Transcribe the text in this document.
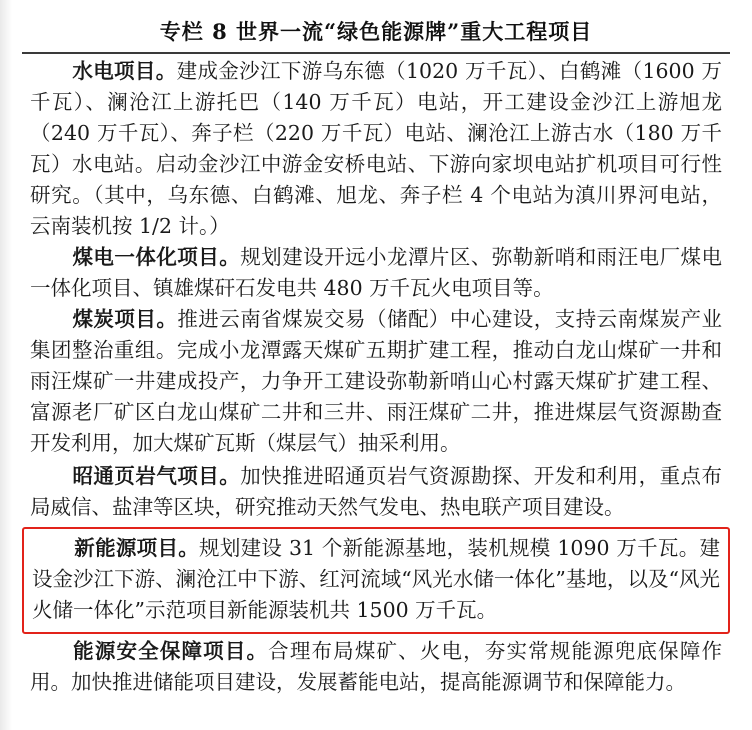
专栏 8 世界一流“绿色能源牌”重大工程项目

水电项目。建成金沙江下游乌东德（1020 万千瓦）、白鹤滩（1600 万千瓦）、澜沧江上游托巴（140 万千瓦）电站，开工建设金沙江上游旭龙（240 万千瓦）、奔子栏（220 万千瓦）电站、澜沧江上游古水（180 万千瓦）水电站。启动金沙江中游金安桥电站、下游向家坝电站扩机项目可行性研究。（其中，乌东德、白鹤滩、旭龙、奔子栏 4 个电站为滇川界河电站，云南装机按 1/2 计。）

煤电一体化项目。规划建设开远小龙潭片区、弥勒新哨和雨汪电厂煤电一体化项目、镇雄煤矸石发电共 480 万千瓦火电项目等。

煤炭项目。推进云南省煤炭交易（储配）中心建设，支持云南煤炭产业集团整治重组。完成小龙潭露天煤矿五期扩建工程，推动白龙山煤矿一井和雨汪煤矿一井建成投产，力争开工建设弥勒新哨山心村露天煤矿扩建工程、富源老厂矿区白龙山煤矿二井和三井、雨汪煤矿二井，推进煤层气资源勘查开发利用，加大煤矿瓦斯（煤层气）抽采利用。

昭通页岩气项目。加快推进昭通页岩气资源勘探、开发和利用，重点布局威信、盐津等区块，研究推动天然气发电、热电联产项目建设。

新能源项目。规划建设 31 个新能源基地，装机规模 1090 万千瓦。建设金沙江下游、澜沧江中下游、红河流域“风光水储一体化”基地，以及“风光火储一体化”示范项目新能源装机共 1500 万千瓦。

能源安全保障项目。合理布局煤矿、火电，夯实常规能源兜底保障作用。加快推进储能项目建设，发展蓄能电站，提高能源调节和保障能力。
